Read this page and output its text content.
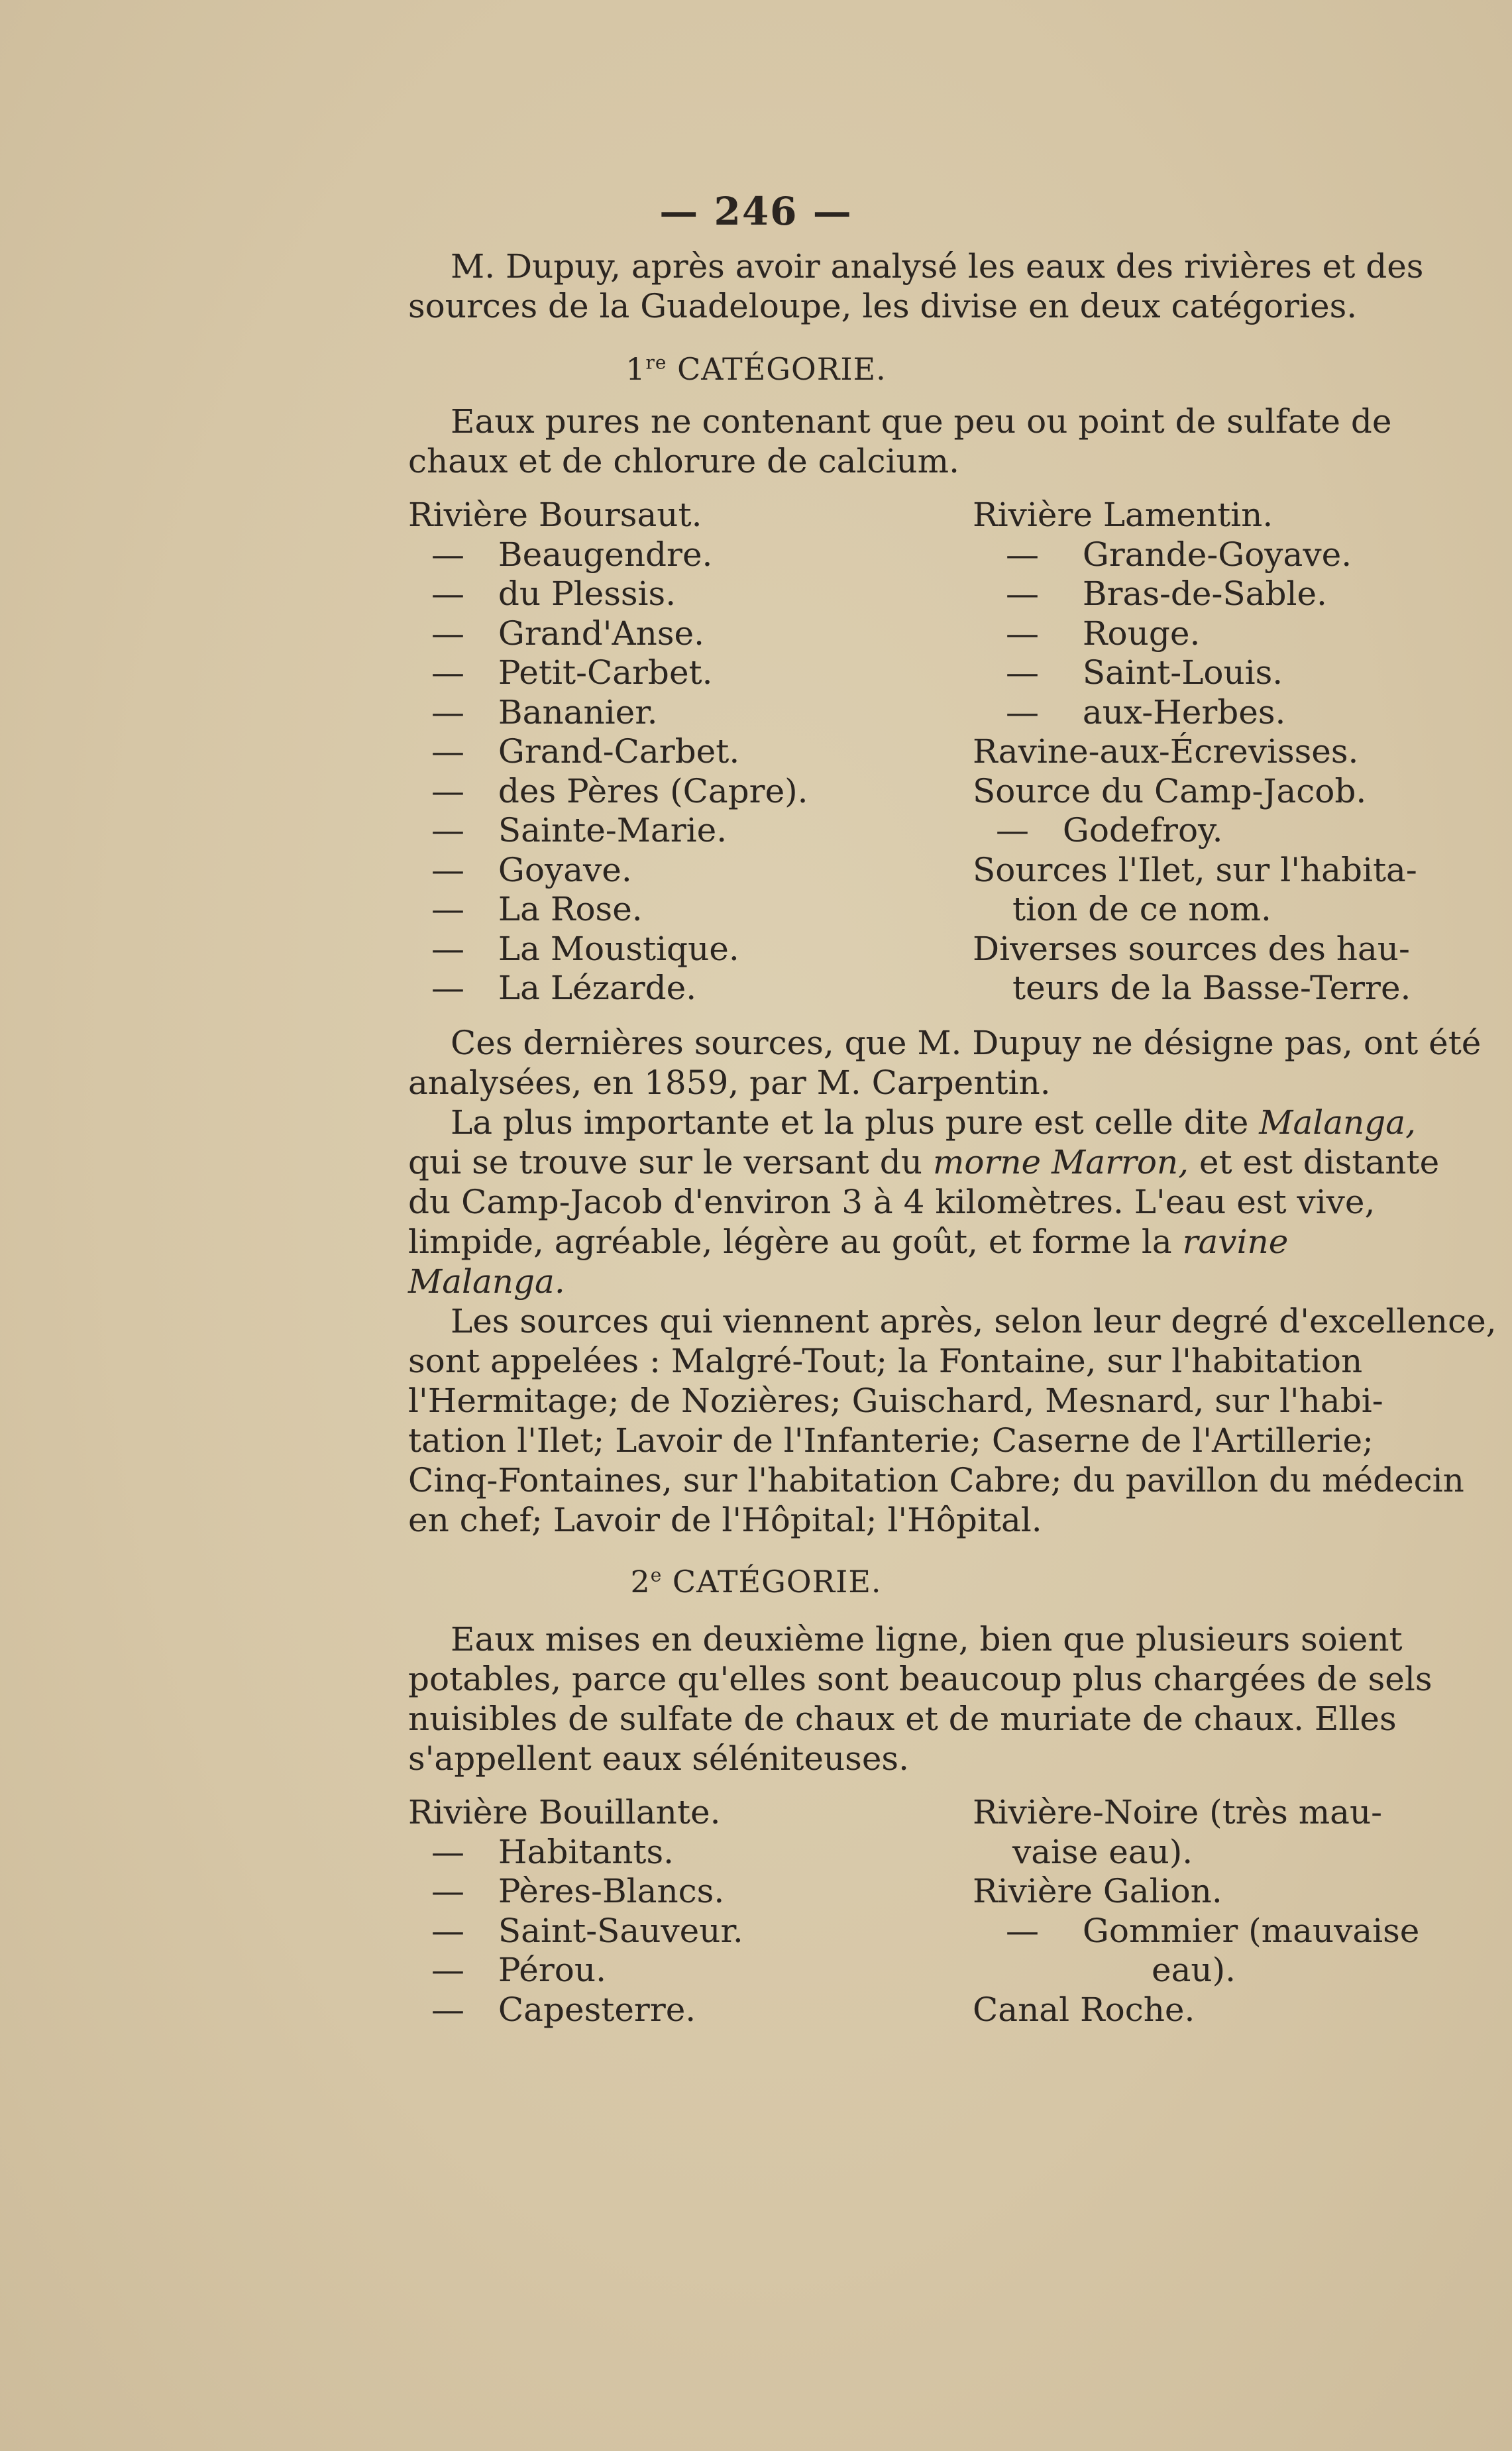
— 246 —
M. Dupuy, après avoir analysé les eaux des rivières et des
sources de la Guadeloupe, les divise en deux catégories.
1re CATÉGORIE.
Eaux pures ne contenant que peu ou point de sulfate de
chaux et de chlorure de calcium.
Rivière Boursaut.
— Beaugendre.
— du Plessis.
— Grand'Anse.
— Petit-Carbet.
— Bananier.
— Grand-Carbet.
— des Pères (Capre).
— Sainte-Marie.
— Goyave.
— La Rose.
— La Moustique.
— La Lézarde.
Rivière Lamentin.
— Grande-Goyave.
— Bras-de-Sable.
— Rouge.
— Saint-Louis.
— aux-Herbes.
Ravine-aux-Écrevisses.
Source du Camp-Jacob.
— Godefroy.
Sources l'Ilet, sur l'habita-
tion de ce nom.
Diverses sources des hau-
teurs de la Basse-Terre.
Ces dernières sources, que M. Dupuy ne désigne pas, ont été
analysées, en 1859, par M. Carpentin.
La plus importante et la plus pure est celle dite Malanga,
qui se trouve sur le versant du morne Marron, et est distante
du Camp-Jacob d'environ 3 à 4 kilomètres. L'eau est vive,
limpide, agréable, légère au goût, et forme la ravine
Malanga.
Les sources qui viennent après, selon leur degré d'excellence,
sont appelées : Malgré-Tout; la Fontaine, sur l'habitation
l'Hermitage; de Nozières; Guischard, Mesnard, sur l'habi-
tation l'Ilet; Lavoir de l'Infanterie; Caserne de l'Artillerie;
Cinq-Fontaines, sur l'habitation Cabre; du pavillon du médecin
en chef; Lavoir de l'Hôpital; l'Hôpital.
2e CATÉGORIE.
Eaux mises en deuxième ligne, bien que plusieurs soient
potables, parce qu'elles sont beaucoup plus chargées de sels
nuisibles de sulfate de chaux et de muriate de chaux. Elles
s'appellent eaux séléniteuses.
Rivière Bouillante.
— Habitants.
— Pères-Blancs.
— Saint-Sauveur.
— Pérou.
— Capesterre.
Rivière-Noire (très mau-
vaise eau).
Rivière Galion.
— Gommier (mauvaise
eau).
Canal Roche.
